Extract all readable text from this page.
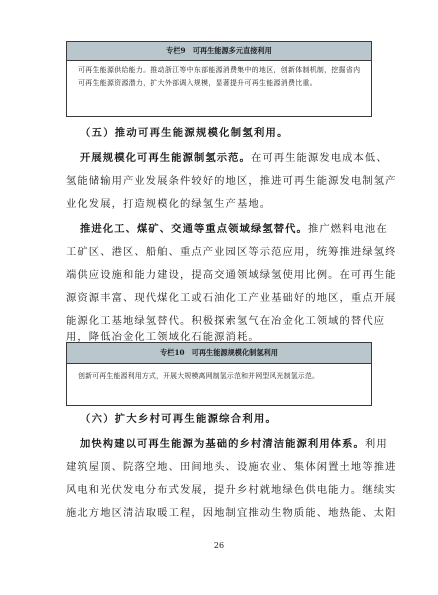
专栏9　可再生能源多元直接利用
可再生能源供给能力。推动浙江等中东部能源消费集中的地区，创新体制机制，挖掘省内可再生能源资源潜力，扩大外部调入规模，显著提升可再生能源消费比重。
（五）推动可再生能源规模化制氢利用。
开展规模化可再生能源制氢示范。在可再生能源发电成本低、
氢能储输用产业发展条件较好的地区，推进可再生能源发电制氢产
业化发展，打造规模化的绿氢生产基地。
推进化工、煤矿、交通等重点领域绿氢替代。推广燃料电池在
工矿区、港区、船舶、重点产业园区等示范应用，统筹推进绿氢终
端供应设施和能力建设，提高交通领域绿氢使用比例。在可再生能
源资源丰富、现代煤化工或石油化工产业基础好的地区，重点开展
能源化工基地绿氢替代。积极探索氢气在冶金化工领域的替代应
用，降低冶金化工领域化石能源消耗。
专栏10　可再生能源规模化制氢利用
创新可再生能源利用方式，开展大规模离网制氢示范和并网型风光制氢示范。
（六）扩大乡村可再生能源综合利用。
加快构建以可再生能源为基础的乡村清洁能源利用体系。利用
建筑屋顶、院落空地、田间地头、设施农业、集体闲置土地等推进
风电和光伏发电分布式发展，提升乡村就地绿色供电能力。继续实
施北方地区清洁取暖工程，因地制宜推动生物质能、地热能、太阳
26
